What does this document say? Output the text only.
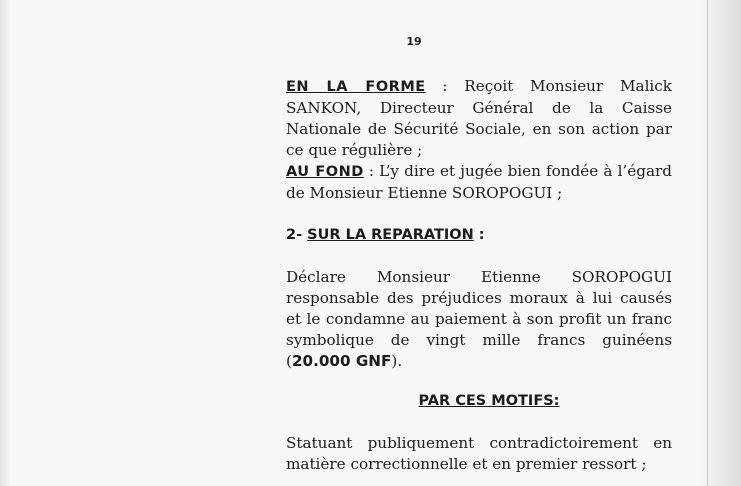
19

EN LA FORME : Reçoit Monsieur Malick SANKON, Directeur Général de la Caisse Nationale de Sécurité Sociale, en son action par ce que régulière ;

AU FOND : L’y dire et jugée bien fondée à l’égard de Monsieur Etienne SOROPOGUI ;

2- SUR LA REPARATION :

Déclare Monsieur Etienne SOROPOGUI responsable des préjudices moraux à lui causés et le condamne au paiement à son profit un franc symbolique de vingt mille francs guinéens (20.000 GNF).

PAR CES MOTIFS:

Statuant publiquement contradictoirement en matière correctionnelle et en premier ressort ;
